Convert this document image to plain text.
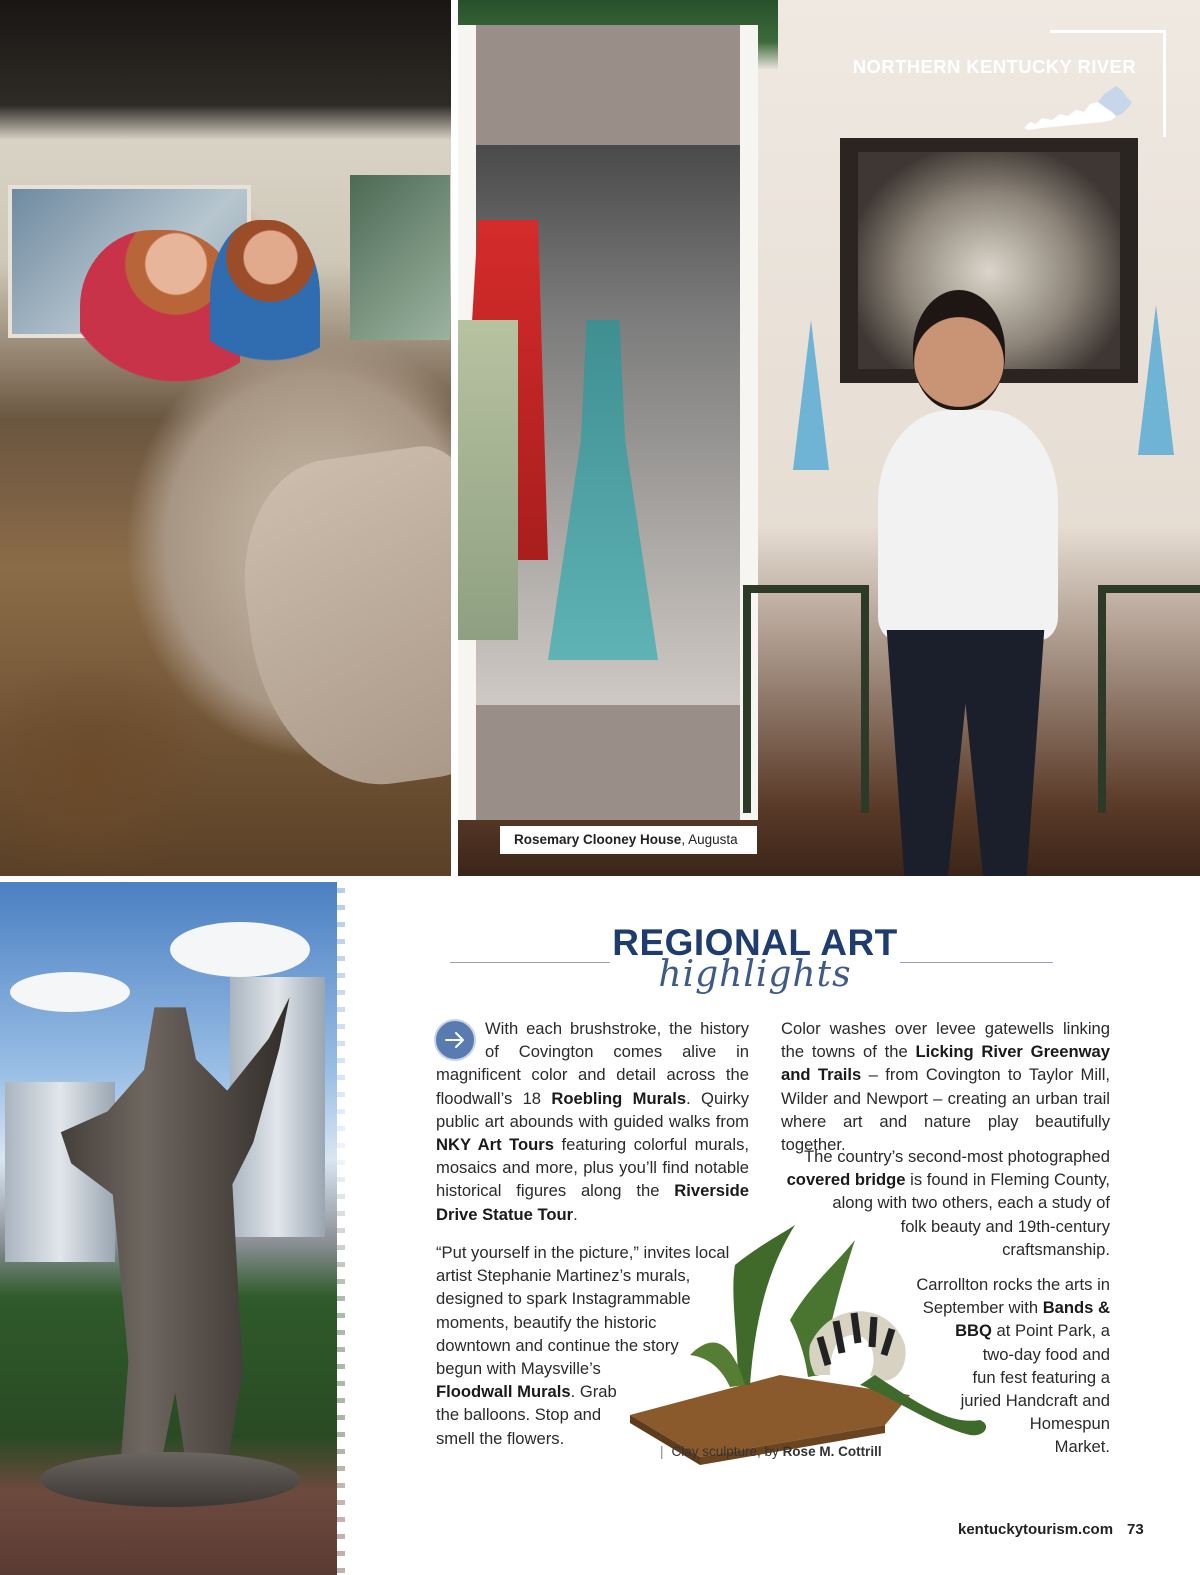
NORTHERN KENTUCKY RIVER
Rosemary Clooney House, Augusta
REGIONAL ART
highlights

With each brushstroke, the history of Covington comes alive in magnificent color and detail across the floodwall’s 18 Roebling Murals. Quirky public art abounds with guided walks from NKY Art Tours featuring colorful murals, mosaics and more, plus you’ll find notable historical figures along the Riverside Drive Statue Tour.

“Put yourself in the picture,” invites local
artist Stephanie Martinez’s murals,
designed to spark Instagrammable
moments, beautify the historic
downtown and continue the story
begun with Maysville’s
Floodwall Murals. Grab
the balloons. Stop and
smell the flowers.

Color washes over levee gatewells linking the towns of the Licking River Greenway and Trails – from Covington to Taylor Mill, Wilder and Newport – creating an urban trail where art and nature play beautifully together.

The country’s second-most photographed
covered bridge is found in Fleming County,
along with two others, each a study of
folk beauty and 19th-century
craftsmanship.

Carrollton rocks the arts in
September with Bands &
BBQ at Point Park, a
two-day food and
fun fest featuring a
juried Handcraft and
Homespun
Market.

| Clay sculpture, by Rose M. Cottrill
kentuckytourism.com 73
